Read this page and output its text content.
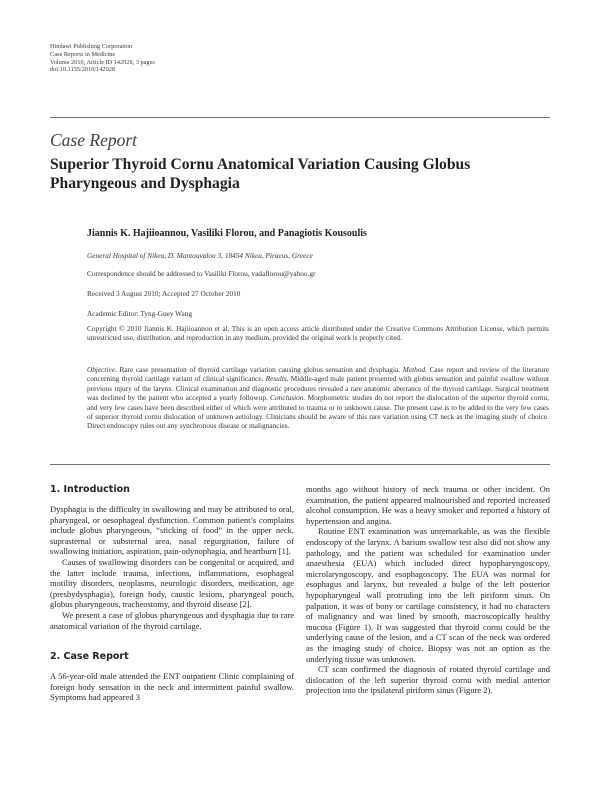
Hindawi Publishing Corporation
Case Reports in Medicine
Volume 2010, Article ID 142928, 3 pages
doi:10.1155/2010/142928
Case Report
Superior Thyroid Cornu Anatomical Variation Causing Globus Pharyngeous and Dysphagia
Jiannis K. Hajiioannou, Vasiliki Florou, and Panagiotis Kousoulis
General Hospital of Nikea, D. Mantouvalou 3, 18454 Nikea, Piraeus, Greece
Correspondence should be addressed to Vasiliki Florou, vadaflorou@yahoo.gr
Received 3 August 2010; Accepted 27 October 2010
Academic Editor: Tyng-Guey Wang
Copyright © 2010 Jiannis K. Hajiioannou et al. This is an open access article distributed under the Creative Commons Attribution License, which permits unrestricted use, distribution, and reproduction in any medium, provided the original work is properly cited.
Objective. Rare case presentation of thyroid cartilage variation causing globus sensation and dysphagia. Method. Case report and review of the literature concerning thyroid cartilage variant of clinical significance. Results. Middle-aged male patient presented with globus sensation and painful swallow without previous injury of the larynx. Clinical examination and diagnostic procedures revealed a rare anatomic aberrance of the thyroid cartilage. Surgical treatment was declined by the patient who accepted a yearly followup. Conclusion. Morphometric studies do not report the dislocation of the superior thyroid cornu, and very few cases have been described either of which were attributed to trauma or to unknown cause. The present case is to be added to the very few cases of superior thyroid cornu dislocation of unknown aetiology. Clinicians should be aware of this rare variation using CT neck as the imaging study of choice. Direct endoscopy rules out any synchronous disease or malignancies.
1. Introduction

Dysphagia is the difficulty in swallowing and may be attributed to oral, pharyngeal, or oesophageal dysfunction. Common patient’s complains include globus pharyngeous, “sticking of food” in the upper neck, suprasternal or substernal area, nasal regurgitation, failure of swallowing initiation, aspiration, pain-odynophagia, and heartburn [1].

Causes of swallowing disorders can be congenital or acquired, and the latter include trauma, infections, inflammations, esophageal motility disorders, neoplasms, neurologic disorders, medication, age (presbydysphagia), foreign body, caustic lesions, pharyngeal pouch, globus pharyngeous, tracheostomy, and thyroid disease [2].

We present a case of globus pharyngeous and dysphagia due to rare anatomical variation of the thyroid cartilage.

2. Case Report

A 56-year-old male attended the ENT outpatient Clinic complaining of foreign body sensation in the neck and intermittent painful swallow. Symptoms had appeared 3

months ago without history of neck trauma or other incident. On examination, the patient appeared malnourished and reported increased alcohol consumption. He was a heavy smoker and reported a history of hypertension and angina.

Routine ENT examination was unremarkable, as was the flexible endoscopy of the larynx. A barium swallow test also did not show any pathology, and the patient was scheduled for examination under anaesthesia (EUA) which included direct hypopharyngoscopy, microlaryngoscopy, and esophagoscopy. The EUA was normal for esophagus and larynx, but revealed a bulge of the left posterior hypopharyngeal wall protruding into the left piriform sinus. On palpation, it was of bony or cartilage consistency, it had no characters of malignancy and was lined by smooth, macroscopically healthy mucosa (Figure 1). It was suggested that thyroid cornu could be the underlying cause of the lesion, and a CT scan of the neck was ordered as the imaging study of choice. Biopsy was not an option as the underlying tissue was unknown.

CT scan confirmed the diagnosis of rotated thyroid cartilage and dislocation of the left superior thyroid cornu with medial anterior projection into the ipsilateral piriform sinus (Figure 2).
